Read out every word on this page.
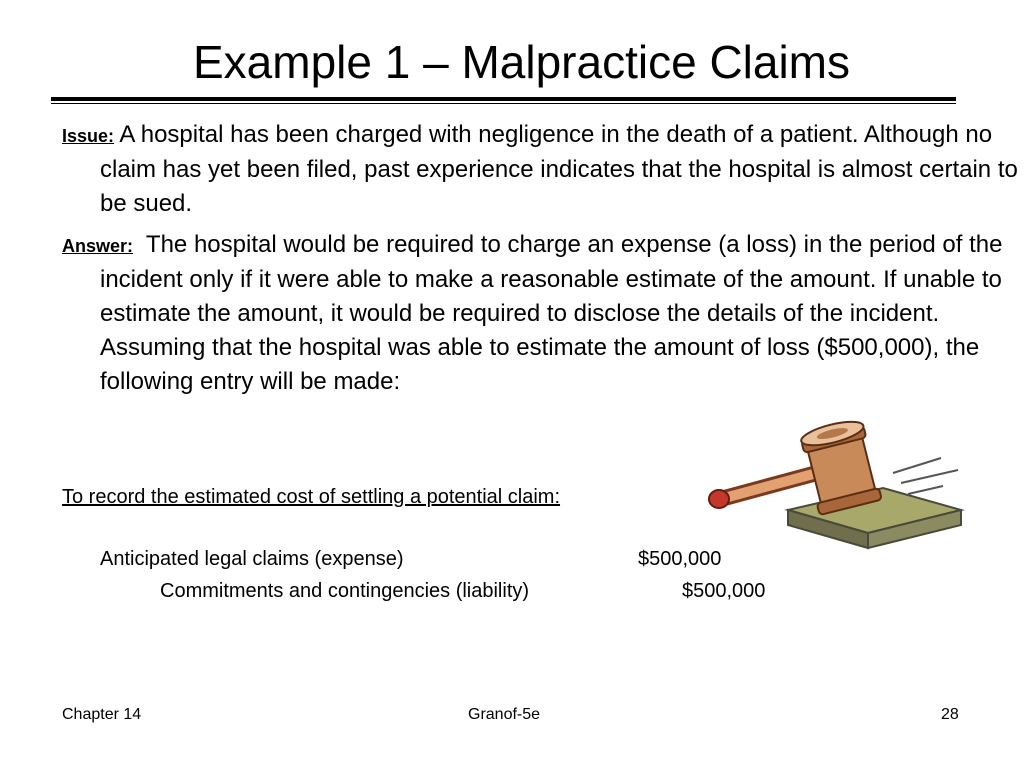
Example 1 – Malpractice Claims
Issue: A hospital has been charged with negligence in the death of a patient. Although no claim has yet been filed, past experience indicates that the hospital is almost certain to be sued.
Answer: The hospital would be required to charge an expense (a loss) in the period of the incident only if it were able to make a reasonable estimate of the amount. If unable to estimate the amount, it would be required to disclose the details of the incident. Assuming that the hospital was able to estimate the amount of loss ($500,000), the following entry will be made:
To record the estimated cost of settling a potential claim:
Anticipated legal claims (expense)	$500,000
Commitments and contingencies (liability)	$500,000
Chapter 14	Granof-5e	28
